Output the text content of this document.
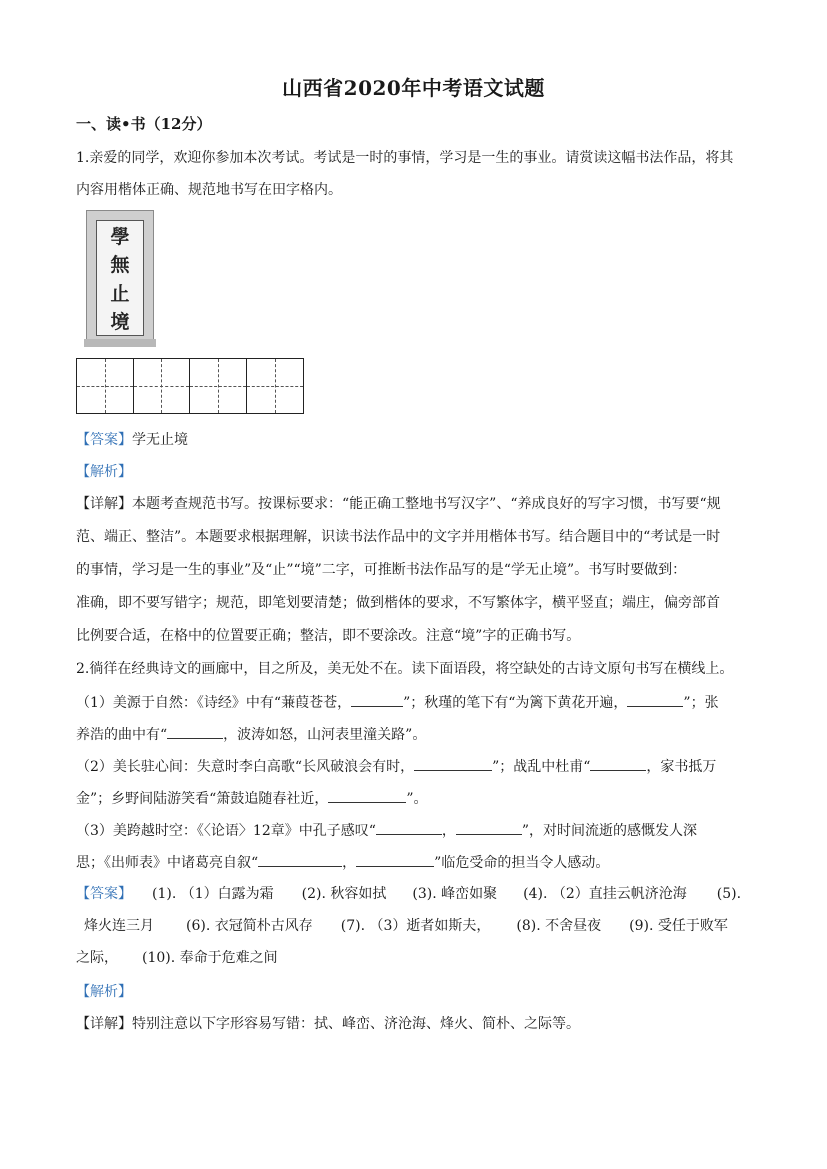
山西省2020年中考语文试题
一、读•书（12分）
1.亲爱的同学，欢迎你参加本次考试。考试是一时的事情，学习是一生的事业。请赏读这幅书法作品，将其
内容用楷体正确、规范地书写在田字格内。
學
無
止
境
【答案】学无止境
【解析】
【详解】本题考查规范书写。按课标要求：“能正确工整地书写汉字”、“养成良好的写字习惯，书写要“规
范、端正、整洁”。本题要求根据理解，识读书法作品中的文字并用楷体书写。结合题目中的“考试是一时
的事情，学习是一生的事业”及“止”“境”二字，可推断书法作品写的是“学无止境”。书写时要做到：
准确，即不要写错字；规范，即笔划要清楚；做到楷体的要求，不写繁体字，横平竖直；端庄，偏旁部首
比例要合适，在格中的位置要正确；整洁，即不要涂改。注意“境”字的正确书写。
2.徜徉在经典诗文的画廊中，目之所及，美无处不在。读下面语段，将空缺处的古诗文原句书写在横线上。
（1）美源于自然：《诗经》中有“蒹葭苍苍，	”；秋瑾的笔下有“为篱下黄花开遍，	”；张
养浩的曲中有“	，波涛如怒，山河表里潼关路”。
（2）美长驻心间：失意时李白高歌“长风破浪会有时，	”；战乱中杜甫“	，家书抵万
金”；乡野间陆游笑看“箫鼓追随春社近，	”。
（3）美跨越时空：《〈论语〉12章》中孔子感叹“	，	”，对时间流逝的感慨发人深
思；《出师表》中诸葛亮自叙“	，	”临危受命的担当令人感动。
【答案】 (1). （1）白露为霜 (2). 秋容如拭 (3). 峰峦如聚 (4). （2）直挂云帆济沧海 (5).
烽火连三月 (6). 衣冠简朴古风存 (7). （3）逝者如斯夫， (8). 不舍昼夜 (9). 受任于败军
之际， (10). 奉命于危难之间
【解析】
【详解】特别注意以下字形容易写错：拭、峰峦、济沧海、烽火、简朴、之际等。
